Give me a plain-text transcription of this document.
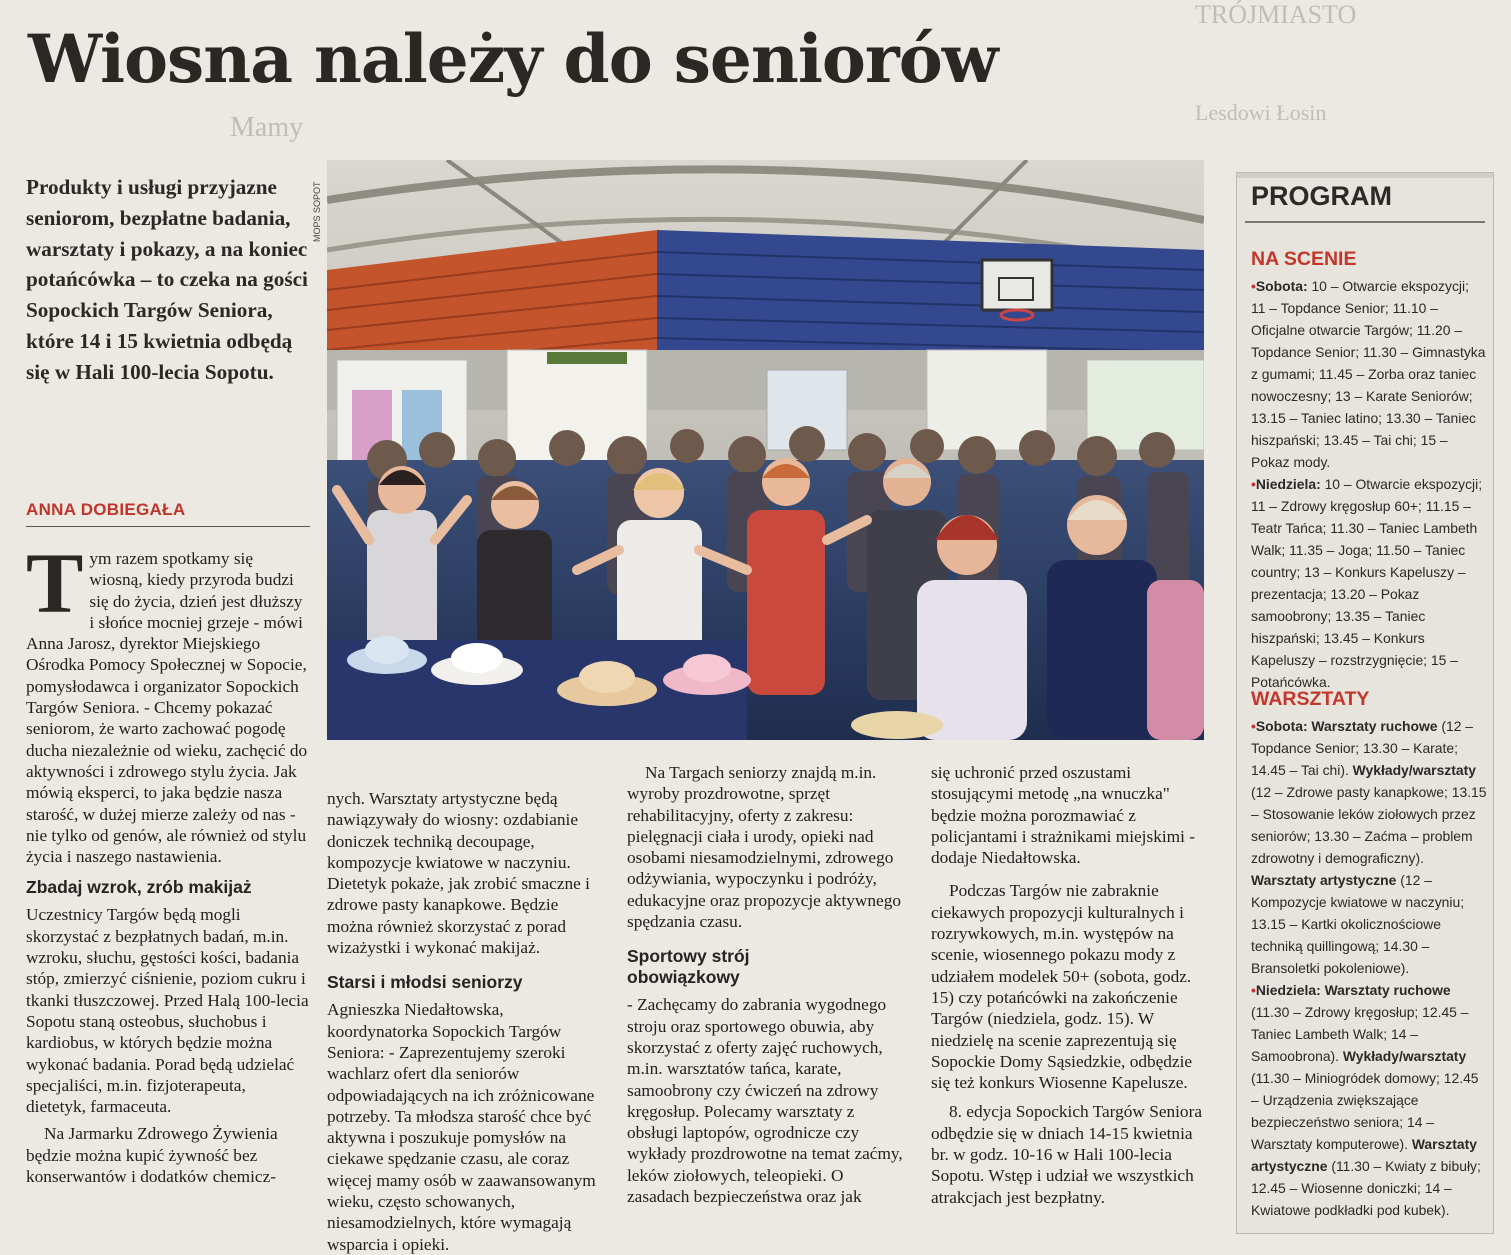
TRÓJMIASTO
Lesdowi Łosin
Mamy
Wiosna należy do seniorów
Produkty i usługi przyjazne seniorom, bezpłatne badania, warsztaty i pokazy, a na koniec potańcówka – to czeka na gości Sopockich Targów Seniora, które 14 i 15 kwietnia odbędą się w Hali 100-lecia Sopotu.
ANNA DOBIEGAŁA
MOPS SOPOT

Tym razem spotkamy się wiosną, kiedy przyroda budzi się do życia, dzień jest dłuższy i słońce mocniej grzeje - mówi Anna Jarosz, dyrektor Miejskiego Ośrodka Pomocy Społecznej w Sopocie, pomysłodawca i organizator Sopockich Targów Seniora. - Chcemy pokazać seniorom, że warto zachować pogodę ducha niezależnie od wieku, zachęcić do aktywności i zdrowego stylu życia. Jak mówią eksperci, to jaka będzie nasza starość, w dużej mierze zależy od nas - nie tylko od genów, ale również od stylu życia i naszego nastawienia.

Zbadaj wzrok, zrób makijaż

Uczestnicy Targów będą mogli skorzystać z bezpłatnych badań, m.in. wzroku, słuchu, gęstości kości, badania stóp, zmierzyć ciśnienie, poziom cukru i tkanki tłuszczowej. Przed Halą 100-lecia Sopotu staną osteobus, słuchobus i kardiobus, w których będzie można wykonać badania. Porad będą udzielać specjaliści, m.in. fizjoterapeuta, dietetyk, farmaceuta.

Na Jarmarku Zdrowego Żywienia będzie można kupić żywność bez konserwantów i dodatków chemicz-

nych. Warsztaty artystyczne będą nawiązywały do wiosny: ozdabianie doniczek techniką decoupage, kompozycje kwiatowe w naczyniu. Dietetyk pokaże, jak zrobić smaczne i zdrowe pasty kanapkowe. Będzie można również skorzystać z porad wizażystki i wykonać makijaż.

Starsi i młodsi seniorzy

Agnieszka Niedałtowska, koordynatorka Sopockich Targów Seniora: - Zaprezentujemy szeroki wachlarz ofert dla seniorów odpowiadających na ich zróżnicowane potrzeby. Ta młodsza starość chce być aktywna i poszukuje pomysłów na ciekawe spędzanie czasu, ale coraz więcej mamy osób w zaawansowanym wieku, często schowanych, niesamodzielnych, które wymagają wsparcia i opieki.

Na Targach seniorzy znajdą m.in. wyroby prozdrowotne, sprzęt rehabilitacyjny, oferty z zakresu: pielęgnacji ciała i urody, opieki nad osobami niesamodzielnymi, zdrowego odżywiania, wypoczynku i podróży, edukacyjne oraz propozycje aktywnego spędzania czasu.

Sportowy strój obowiązkowy

- Zachęcamy do zabrania wygodnego stroju oraz sportowego obuwia, aby skorzystać z oferty zajęć ruchowych, m.in. warsztatów tańca, karate, samoobrony czy ćwiczeń na zdrowy kręgosłup. Polecamy warsztaty z obsługi laptopów, ogrodnicze czy wykłady prozdrowotne na temat zaćmy, leków ziołowych, teleopieki. O zasadach bezpieczeństwa oraz jak

się uchronić przed oszustami stosującymi metodę „na wnuczka" będzie można porozmawiać z policjantami i strażnikami miejskimi - dodaje Niedałtowska.

Podczas Targów nie zabraknie ciekawych propozycji kulturalnych i rozrywkowych, m.in. występów na scenie, wiosennego pokazu mody z udziałem modelek 50+ (sobota, godz. 15) czy potańcówki na zakończenie Targów (niedziela, godz. 15). W niedzielę na scenie zaprezentują się Sopockie Domy Sąsiedzkie, odbędzie się też konkurs Wiosenne Kapelusze.

8. edycja Sopockich Targów Seniora odbędzie się w dniach 14-15 kwietnia br. w godz. 10-16 w Hali 100-lecia Sopotu. Wstęp i udział we wszystkich atrakcjach jest bezpłatny.

PROGRAM
NA SCENIE
•Sobota: 10 – Otwarcie ekspozycji; 11 – Topdance Senior; 11.10 – Oficjalne otwarcie Targów; 11.20 – Topdance Senior; 11.30 – Gimnastyka z gumami; 11.45 – Zorba oraz taniec nowoczesny; 13 – Karate Seniorów; 13.15 – Taniec latino; 13.30 – Taniec hiszpański; 13.45 – Tai chi; 15 – Pokaz mody.
•Niedziela: 10 – Otwarcie ekspozycji; 11 – Zdrowy kręgosłup 60+; 11.15 – Teatr Tańca; 11.30 – Taniec Lambeth Walk; 11.35 – Joga; 11.50 – Taniec country; 13 – Konkurs Kapeluszy – prezentacja; 13.20 – Pokaz samoobrony; 13.35 – Taniec hiszpański; 13.45 – Konkurs Kapeluszy – rozstrzygnięcie; 15 – Potańcówka.
WARSZTATY
•Sobota: Warsztaty ruchowe (12 – Topdance Senior; 13.30 – Karate; 14.45 – Tai chi). Wykłady/warsztaty (12 – Zdrowe pasty kanapkowe; 13.15 – Stosowanie leków ziołowych przez seniorów; 13.30 – Zaćma – problem zdrowotny i demograficzny). Warsztaty artystyczne (12 – Kompozycje kwiatowe w naczyniu; 13.15 – Kartki okolicznościowe techniką quillingową; 14.30 – Bransoletki pokoleniowe).
•Niedziela: Warsztaty ruchowe (11.30 – Zdrowy kręgosłup; 12.45 – Taniec Lambeth Walk; 14 – Samoobrona). Wykłady/warsztaty (11.30 – Miniogródek domowy; 12.45 – Urządzenia zwiększające bezpieczeństwo seniora; 14 – Warsztaty komputerowe). Warsztaty artystyczne (11.30 – Kwiaty z bibuły; 12.45 – Wiosenne doniczki; 14 – Kwiatowe podkładki pod kubek).
